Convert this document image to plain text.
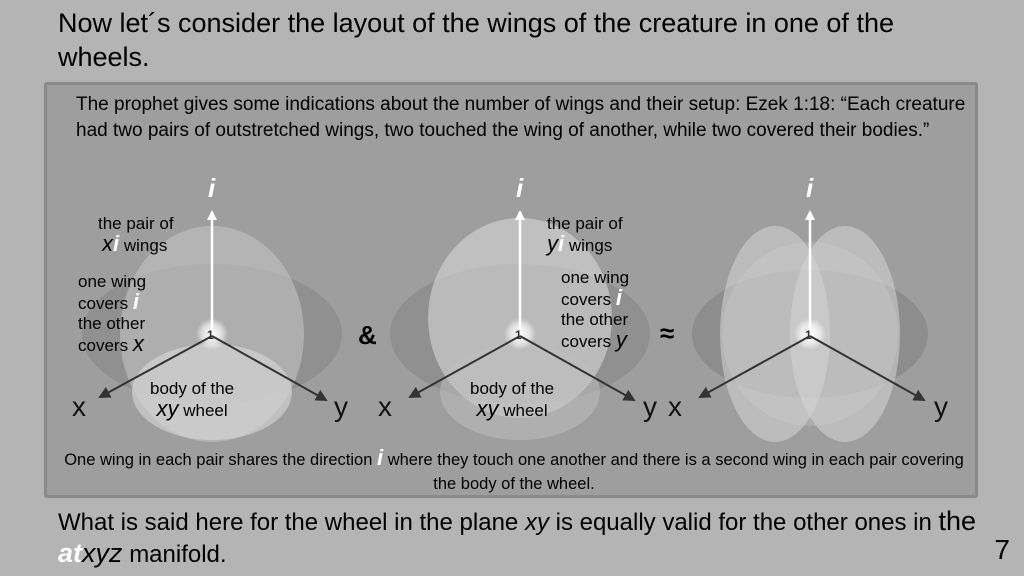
Now let´s consider the layout of the wings of the creature in one of the wheels.
The prophet gives some indications about the number of wings and their setup: Ezek 1:18: “Each creature had two pairs of outstretched wings, two touched the wing of another, while two covered their bodies.”
i
x	y
1
i
x	y
1
i
x	y
1
the pair of
xi wings
one wing
covers i
the other
covers x
body of the
xy wheel
&
the pair of
yi wings
one wing
covers i
the other
covers y
body of the
xy wheel
≈
One wing in each pair shares the direction i where they touch one another and there is a second wing in each pair covering the body of the wheel.
What is said here for the wheel in the plane xy is equally valid for the other ones in the atxyz manifold.	7
